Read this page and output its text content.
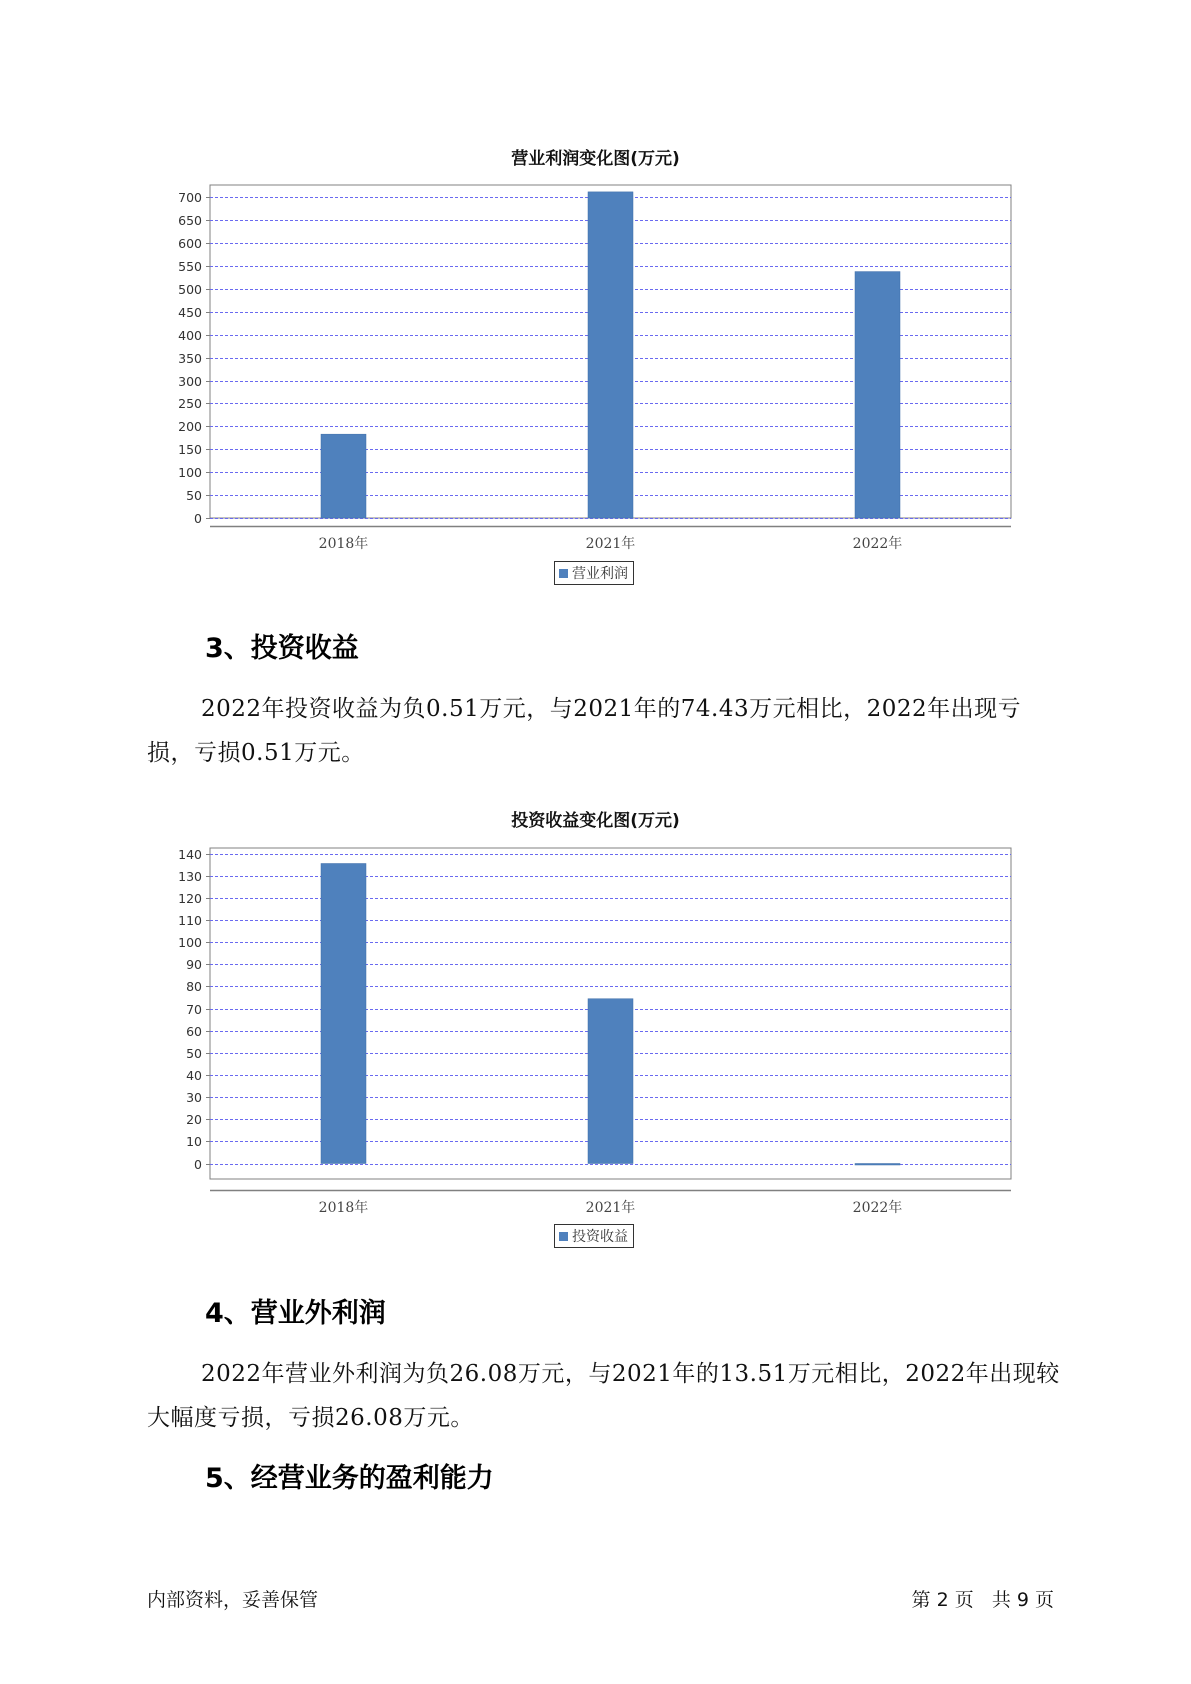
营业利润变化图(万元)
0
50
100
150
200
250
300
350
400
450
500
550
600
650
700
2018年	2021年	2022年
营业利润
3、投资收益

2022年投资收益为负0.51万元，与2021年的74.43万元相比，2022年出现亏损，亏损0.51万元。

投资收益变化图(万元)
0
10
20
30
40
50
60
70
80
90
100
110
120
130
140
2018年	2021年	2022年
投资收益
4、营业外利润

2022年营业外利润为负26.08万元，与2021年的13.51万元相比，2022年出现较大幅度亏损，亏损26.08万元。

5、经营业务的盈利能力
内部资料，妥善保管	第 2 页   共 9 页
